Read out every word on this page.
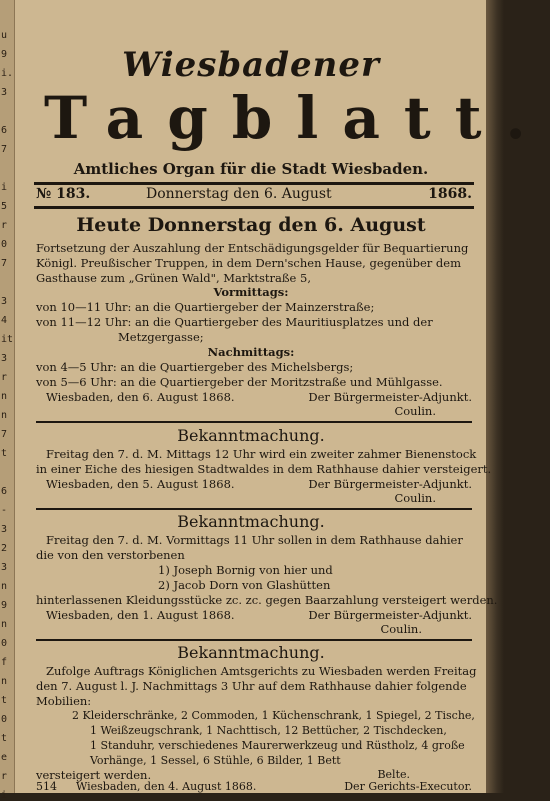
u
9
i.
3
6
7
i
5
r
0
7
3
4
it
3
r
n
n
7
t
6
-
3
2
3
n
9
n
0
f
n
t
0
t
e
r
i
Wiesbadener
Tagblatt.
Amtliches Organ für die Stadt Wiesbaden.
№ 183.	Donnerstag den 6. August	1868.
Heute Donnerstag den 6. August
Fortsetzung der Auszahlung der Entschädigungsgelder für Bequartierung
Königl. Preußischer Truppen, in dem Dern'schen Hause, gegenüber dem
Gasthause zum „Grünen Wald", Marktstraße 5,
Vormittags:
von 10—11 Uhr: an die Quartiergeber der Mainzerstraße;
von 11—12 Uhr: an die Quartiergeber des Mauritiusplatzes und der
Metzgergasse;
Nachmittags:
von 4—5 Uhr: an die Quartiergeber des Michelsbergs;
von 5—6 Uhr: an die Quartiergeber der Moritzstraße und Mühlgasse.
Wiesbaden, den 6. August 1868.	Der Bürgermeister-Adjunkt.
Coulin.
Bekanntmachung.
Freitag den 7. d. M. Mittags 12 Uhr wird ein zweiter zahmer Bienenstock
in einer Eiche des hiesigen Stadtwaldes in dem Rathhause dahier versteigert.
Wiesbaden, den 5. August 1868.	Der Bürgermeister-Adjunkt.
Coulin.
Bekanntmachung.
Freitag den 7. d. M. Vormittags 11 Uhr sollen in dem Rathhause dahier
die von den verstorbenen
1) Joseph Bornig von hier und
2) Jacob Dorn von Glashütten
hinterlassenen Kleidungsstücke zc. zc. gegen Baarzahlung versteigert werden.
Wiesbaden, den 1. August 1868.	Der Bürgermeister-Adjunkt.
Coulin.
Bekanntmachung.
Zufolge Auftrags Königlichen Amtsgerichts zu Wiesbaden werden Freitag
den 7. August l. J. Nachmittags 3 Uhr auf dem Rathhause dahier folgende
Mobilien:
2 Kleiderschränke, 2 Commoden, 1 Küchenschrank, 1 Spiegel, 2 Tische,
1 Weißzeugschrank, 1 Nachttisch, 12 Bettücher, 2 Tischdecken,
1 Standuhr, verschiedenes Maurerwerkzeug und Rüstholz, 4 große
Vorhänge, 1 Sessel, 6 Stühle, 6 Bilder, 1 Bett
versteigert werden.
Wiesbaden, den 4. August 1868.	Der Gerichts-Executor.
514
Belte.
